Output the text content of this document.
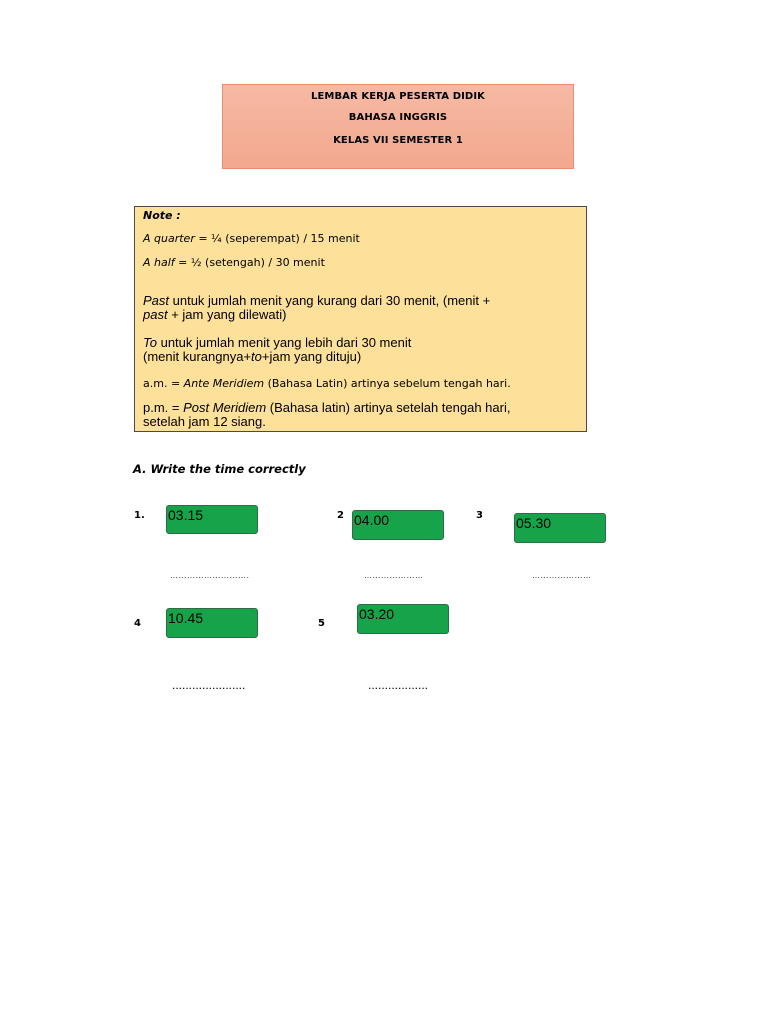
LEMBAR KERJA PESERTA DIDIK
BAHASA INGGRIS
KELAS VII SEMESTER 1
Note :
A quarter = ¼ (seperempat) / 15 menit
A half = ½ (setengah) / 30 menit
Past untuk jumlah menit yang kurang dari 30 menit, (menit +
past + jam yang dilewati)
To untuk jumlah menit yang lebih dari 30 menit
(menit kurangnya+to+jam yang dituju)
a.m. = Ante Meridiem (Bahasa Latin) artinya sebelum tengah hari.
p.m. = Post Meridiem (Bahasa latin) artinya setelah tengah hari,
setelah jam 12 siang.
A. Write the time correctly
1. 03.15
……………………….
2 04.00
…………………
3 05.30
…………………
4 10.45
......................
5
03.20
..................
